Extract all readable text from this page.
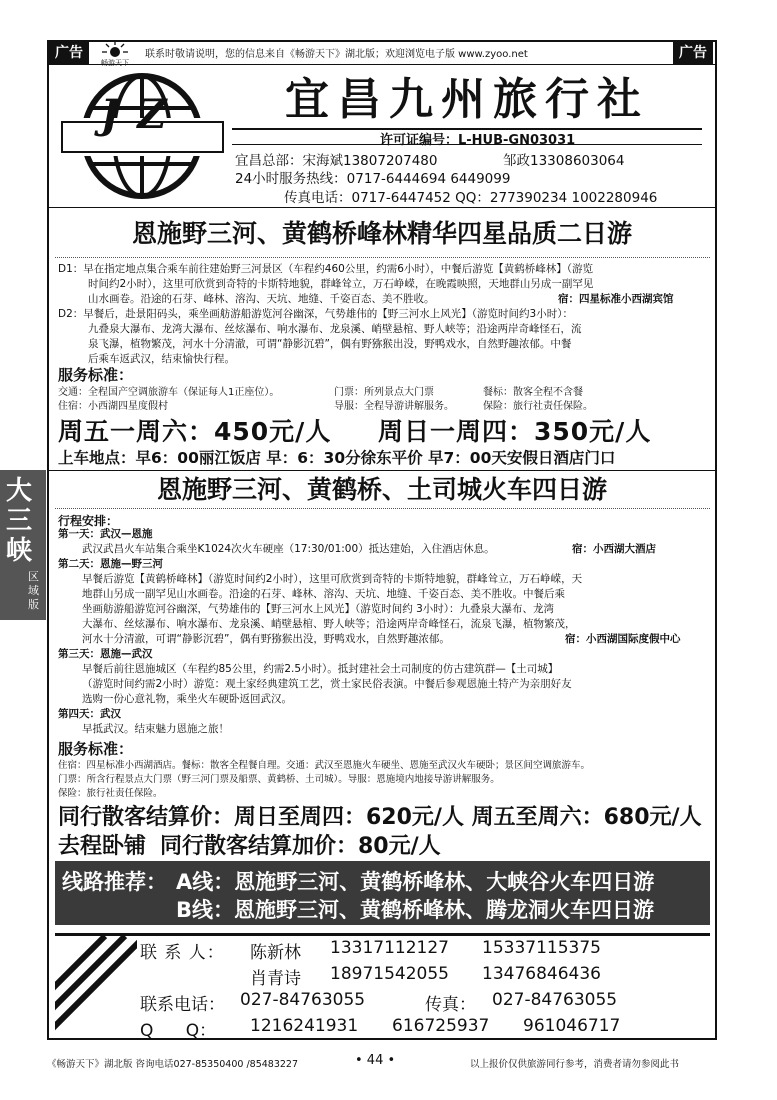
广告
畅游天下
联系时敬请说明，您的信息来自《畅游天下》湖北版；欢迎浏览电子版 www.zyoo.net	广告
JZ	宜昌九州旅行社
许可证编号：L-HUB-GN03031
宜昌总部：宋海斌13807207480	邹政13308603064
24小时服务热线：0717-6444694 6449099
传真电话：0717-6447452 QQ：277390234 1002280946
大
三
峡
区域版
恩施野三河、黄鹤桥峰林精华四星品质二日游
D1：早在指定地点集合乘车前往建始野三河景区（车程约460公里，约需6小时），中餐后游览【黄鹤桥峰林】（游览
时间约2小时），这里可欣赏到奇特的卡斯特地貌，群峰耸立，万石峥嵘，在晚霞映照，天地群山另成一副罕见
山水画卷。沿途的石芽、峰林、溶沟、天坑、地缝、千姿百态、美不胜收。	宿：四星标准小西湖宾馆
D2：早餐后，赴景阳码头，乘坐画舫游船游览河谷幽深，气势雄伟的【野三河水上风光】（游览时间约3小时）：
九叠泉大瀑布、龙湾大瀑布、丝炫瀑布、响水瀑布、龙泉溪、峭壁悬棺、野人峡等；沿途两岸奇峰怪石，流
泉飞瀑，植物繁茂，河水十分清澈，可谓“静影沉碧”，偶有野猕猴出没，野鸭戏水，自然野趣浓郁。中餐
后乘车返武汉，结束愉快行程。
服务标准：
交通：全程国产空调旅游车（保证每人1正座位）。	门票：所列景点大门票	餐标：散客全程不含餐
住宿：小西湖四星度假村	导服：全程导游讲解服务。	保险：旅行社责任保险。
周五一周六：450元/人 周日一周四：350元/人
上车地点：早6：00丽江饭店 早：6：30分徐东平价 早7：00天安假日酒店门口
恩施野三河、黄鹤桥、土司城火车四日游
行程安排：
第一天：武汉—恩施
武汉武昌火车站集合乘坐K1024次火车硬座（17:30/01:00）抵达建始，入住酒店休息。	宿：小西湖大酒店
第二天：恩施—野三河
早餐后游览【黄鹤桥峰林】（游览时间约2小时），这里可欣赏到奇特的卡斯特地貌，群峰耸立，万石峥嵘，天
地群山另成一副罕见山水画卷。沿途的石芽、峰林、溶沟、天坑、地缝、千姿百态、美不胜收。中餐后乘
坐画舫游船游览河谷幽深，气势雄伟的【野三河水上风光】（游览时间约 3小时）：九叠泉大瀑布、龙湾
大瀑布、丝炫瀑布、响水瀑布、龙泉溪、峭壁悬棺、野人峡等；沿途两岸奇峰怪石，流泉飞瀑，植物繁茂，
河水十分清澈，可谓“静影沉碧”，偶有野猕猴出没，野鸭戏水，自然野趣浓郁。	宿：小西湖国际度假中心
第三天：恩施—武汉
早餐后前往恩施城区（车程约85公里，约需2.5小时）。抵封建社会土司制度的仿古建筑群—【土司城】
（游览时间约需2小时）游览：观土家经典建筑工艺，赏土家民俗表演。中餐后参观恩施土特产为亲朋好友
选购一份心意礼物，乘坐火车硬卧返回武汉。
第四天：武汉
早抵武汉。结束魅力恩施之旅！
服务标准：
住宿：四星标准小西湖酒店。餐标：散客全程餐自理。交通：武汉至恩施火车硬坐、恩施至武汉火车硬卧；景区间空调旅游车。
门票：所含行程景点大门票（野三河门票及船票、黄鹤桥、土司城）。导服：恩施境内地接导游讲解服务。
保险：旅行社责任保险。
同行散客结算价：周日至周四：620元/人 周五至周六：680元/人
去程卧铺 同行散客结算加价：80元/人
线路推荐： A线：恩施野三河、黄鹤桥峰林、大峡谷火车四日游
B线：恩施野三河、黄鹤桥峰林、腾龙洞火车四日游
联 系 人： 陈新林 13317112127 15337115375
肖青诗 18971542055 13476846436
联系电话： 027-84763055	传真： 027-84763055
Q      Q： 1216241931 616725937 961046717
《畅游天下》湖北版 咨询电话027-85350400 /85483227	• 44 •	以上报价仅供旅游同行参考，消费者请勿参阅此书
